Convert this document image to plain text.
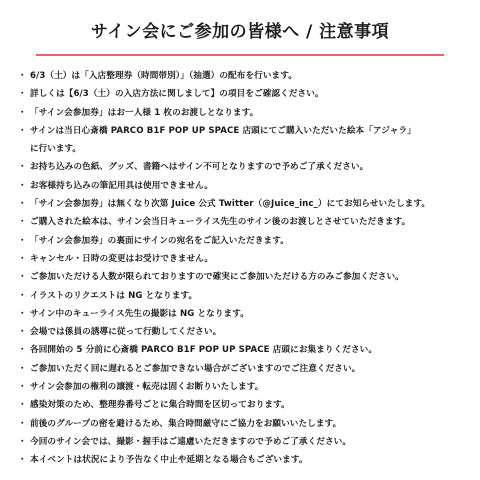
サイン会にご参加の皆様へ / 注意事項
・ 6/3（土）は「入店整理券（時間帯別）」（抽選）の配布を行います。
・ 詳しくは【6/3（土）の入店方法に関しまして】の項目をご確認ください。
・ 「サイン会参加券」はお一人様 1 枚のお渡しとなります。
・ サインは当日心斎橋 PARCO B1F POP UP SPACE 店頭にてご購入いただいた絵本「アジャラ」
に行います。
・ お持ち込みの色紙、グッズ、書籍へはサイン不可となりますので予めご了承ください。
・ お客様持ち込みの筆記用具は使用できません。
・ 「サイン会参加券」は無くなり次第 Juice 公式 Twitter（@Juice_inc_）にてお知らせいたします。
・ ご購入された絵本は、サイン会当日キューライス先生のサイン後のお渡しとさせていただきます。
・ 「サイン会参加券」の裏面にサインの宛名をご記入いただきます。
・ キャンセル・日時の変更はお受けできません。
・ ご参加いただける人数が限られておりますので確実にご参加いただける方のみご参加ください。
・ イラストのリクエストは NG となります。
・ サイン中のキューライス先生の撮影は NG となります。
・ 会場では係員の誘導に従って行動してください。
・ 各回開始の 5 分前に心斎橋 PARCO B1F POP UP SPACE 店頭にお集まりください。
・ ご参加いただく回に遅れるとご参加できない場合がございますのでご注意ください。
・ サイン会参加の権利の譲渡・転売は固くお断りいたします。
・ 感染対策のため、整理券番号ごとに集合時間を区切っております。
・ 前後のグループの密を避けるため、集合時間厳守にご協力をお願いいたします。
・ 今回のサイン会では、撮影・握手はご遠慮いただきますので予めご了承ください。
・ 本イベントは状況により予告なく中止や延期となる場合もございます。
